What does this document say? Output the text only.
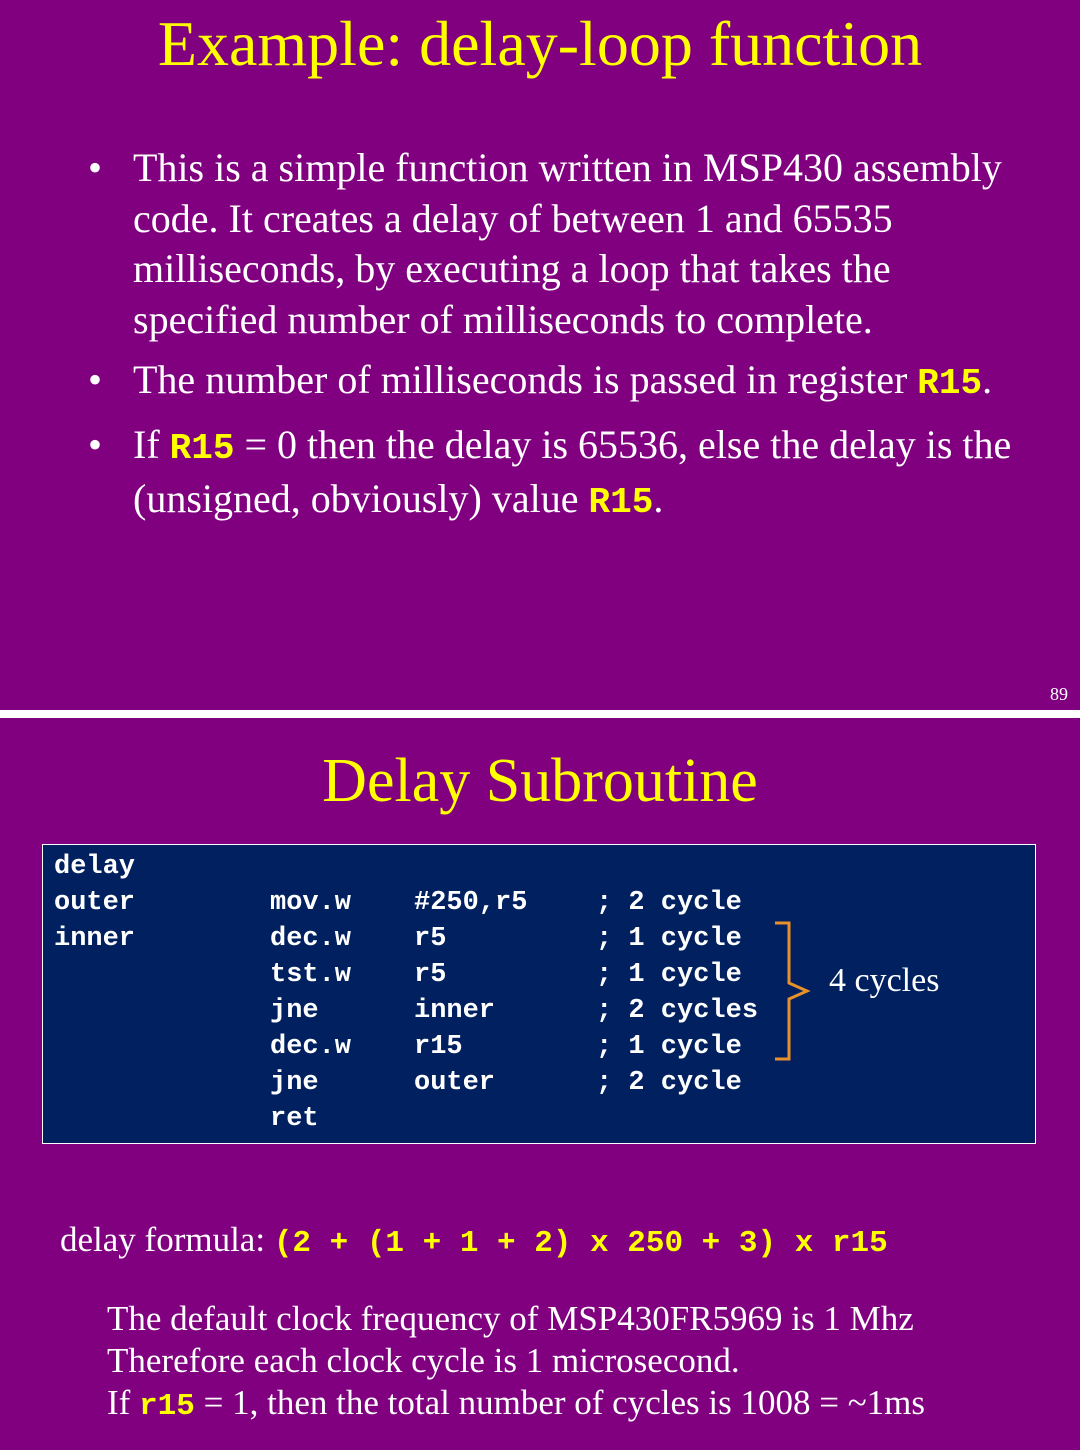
Example: delay-loop function
• This is a simple function written in MSP430 assembly code. It creates a delay of between 1 and 65535 milliseconds, by executing a loop that takes the specified number of milliseconds to complete.
• The number of milliseconds is passed in register R15.
• If R15 = 0 then the delay is 65536, else the delay is the (unsigned, obviously) value R15.
89
Delay Subroutine
4 cycles
delay
outer	mov.w #250,r5	; 2 cycle
inner	dec.w r5	; 1 cycle
tst.w r5	; 1 cycle
jne	inner	; 2 cycles
dec.w r15	; 1 cycle
jne	outer	; 2 cycle
ret
delay formula: (2 + (1 + 1 + 2) x 250 + 3) x r15
The default clock frequency of MSP430FR5969 is 1 Mhz
Therefore each clock cycle is 1 microsecond.
If r15 = 1, then the total number of cycles is 1008 = ~1ms
